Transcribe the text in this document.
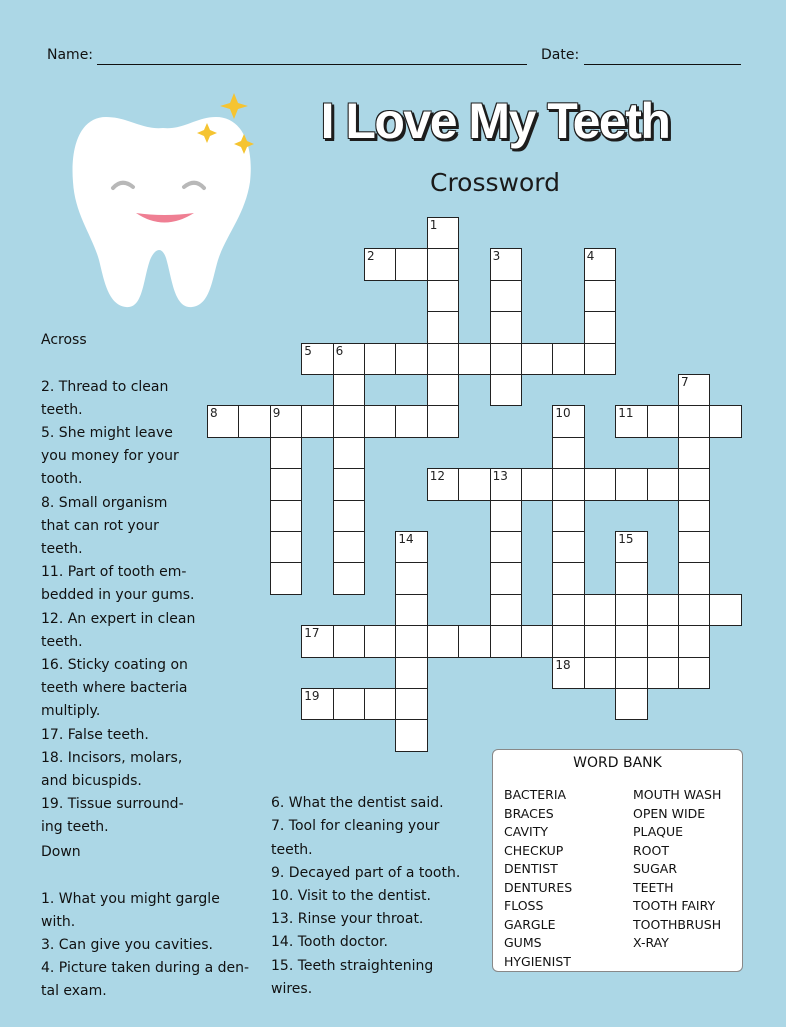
Name:	Date:
I Love My Teeth
Crossword

Across

2. Thread to clean
teeth.
5. She might leave
you money for your
tooth.
8. Small organism
that can rot your
teeth.
11. Part of tooth em-
bedded in your gums.
12. An expert in clean
teeth.
16. Sticky coating on
teeth where bacteria
multiply.
17. False teeth.
18. Incisors, molars,
and bicuspids.
19. Tissue surround-
ing teeth.

Down

1. What you might gargle
with.
3. Can give you cavities.
4. Picture taken during a den-
tal exam.

6. What the dentist said.
7. Tool for cleaning your
teeth.
9. Decayed part of a tooth.
10. Visit to the dentist.
13. Rinse your throat.
14. Tooth doctor.
15. Teeth straightening
wires.

1
2	3	4
5 6
7
8	9	10	11
12	13
14	15
17
18
19
WORD BANK
BACTERIA
BRACES
CAVITY
CHECKUP
DENTIST
DENTURES
FLOSS
GARGLE
GUMS
HYGIENIST
MOUTH WASH
OPEN WIDE
PLAQUE
ROOT
SUGAR
TEETH
TOOTH FAIRY
TOOTHBRUSH
X-RAY
